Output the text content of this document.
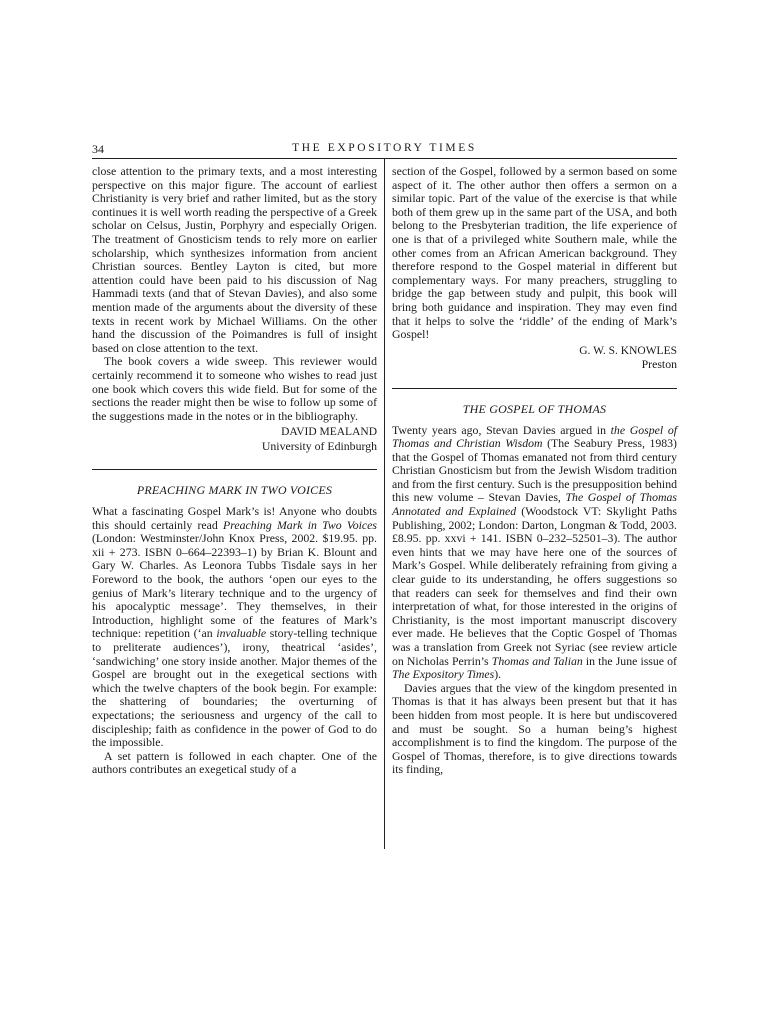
34	THE EXPOSITORY TIMES

close attention to the primary texts, and a most interesting perspective on this major figure. The account of earliest Christianity is very brief and rather limited, but as the story continues it is well worth reading the perspective of a Greek scholar on Celsus, Justin, Porphyry and especially Origen. The treatment of Gnosticism tends to rely more on earlier scholarship, which synthesizes information from ancient Christian sources. Bentley Layton is cited, but more attention could have been paid to his discussion of Nag Hammadi texts (and that of Stevan Davies), and also some mention made of the arguments about the diversity of these texts in recent work by Michael Williams. On the other hand the discussion of the Poimandres is full of insight based on close attention to the text.

The book covers a wide sweep. This reviewer would certainly recommend it to someone who wishes to read just one book which covers this wide field. But for some of the sections the reader might then be wise to follow up some of the suggestions made in the notes or in the bibliography.

DAVID MEALAND
University of Edinburgh
PREACHING MARK IN TWO VOICES

What a fascinating Gospel Mark’s is! Anyone who doubts this should certainly read Preaching Mark in Two Voices (London: Westminster/John Knox Press, 2002. $19.95. pp. xii + 273. ISBN 0–664–22393–1) by Brian K. Blount and Gary W. Charles. As Leonora Tubbs Tisdale says in her Foreword to the book, the authors ‘open our eyes to the genius of Mark’s literary technique and to the urgency of his apocalyptic message’. They themselves, in their Introduction, highlight some of the features of Mark’s technique: repetition (‘an invaluable story-telling technique to preliterate audiences’), irony, theatrical ‘asides’, ‘sandwiching’ one story inside another. Major themes of the Gospel are brought out in the exegetical sections with which the twelve chapters of the book begin. For example: the shattering of boundaries; the overturning of expectations; the seriousness and urgency of the call to discipleship; faith as confidence in the power of God to do the impossible.

A set pattern is followed in each chapter. One of the authors contributes an exegetical study of a

section of the Gospel, followed by a sermon based on some aspect of it. The other author then offers a sermon on a similar topic. Part of the value of the exercise is that while both of them grew up in the same part of the USA, and both belong to the Presbyterian tradition, the life experience of one is that of a privileged white Southern male, while the other comes from an African American background. They therefore respond to the Gospel material in different but complementary ways. For many preachers, struggling to bridge the gap between study and pulpit, this book will bring both guidance and inspiration. They may even find that it helps to solve the ‘riddle’ of the ending of Mark’s Gospel!

G. W. S. KNOWLES
Preston
THE GOSPEL OF THOMAS

Twenty years ago, Stevan Davies argued in the Gospel of Thomas and Christian Wisdom (The Seabury Press, 1983) that the Gospel of Thomas emanated not from third century Christian Gnosticism but from the Jewish Wisdom tradition and from the first century. Such is the presupposition behind this new volume – Stevan Davies, The Gospel of Thomas Annotated and Explained (Woodstock VT: Skylight Paths Publishing, 2002; London: Darton, Longman & Todd, 2003. £8.95. pp. xxvi + 141. ISBN 0–232–52501–3). The author even hints that we may have here one of the sources of Mark’s Gospel. While deliberately refraining from giving a clear guide to its understanding, he offers suggestions so that readers can seek for themselves and find their own interpretation of what, for those interested in the origins of Christianity, is the most important manuscript discovery ever made. He believes that the Coptic Gospel of Thomas was a translation from Greek not Syriac (see review article on Nicholas Perrin’s Thomas and Talian in the June issue of The Expository Times).

Davies argues that the view of the kingdom presented in Thomas is that it has always been present but that it has been hidden from most people. It is here but undiscovered and must be sought. So a human being’s highest accomplishment is to find the kingdom. The purpose of the Gospel of Thomas, therefore, is to give directions towards its finding,
